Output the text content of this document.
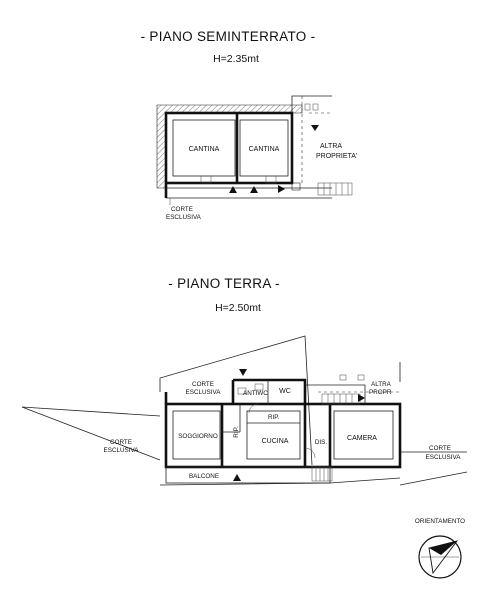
- PIANO SEMINTERRATO -
H=2.35mt
CANTINA	CANTINA	ALTRA
PROPRIETA'
CORTE
ESCLUSIVA
- PIANO TERRA -
H=2.50mt
CORTE
ESCLUSIVA	ANTIWC WC
ALTRA
PROPR
SOGGIORNO RIP.
RIP.
CUCINA	DIS.
CAMERA
BALCONE
CORTE
ESCLUSIVA	CORTE
ESCLUSIVA
ORIENTAMENTO
